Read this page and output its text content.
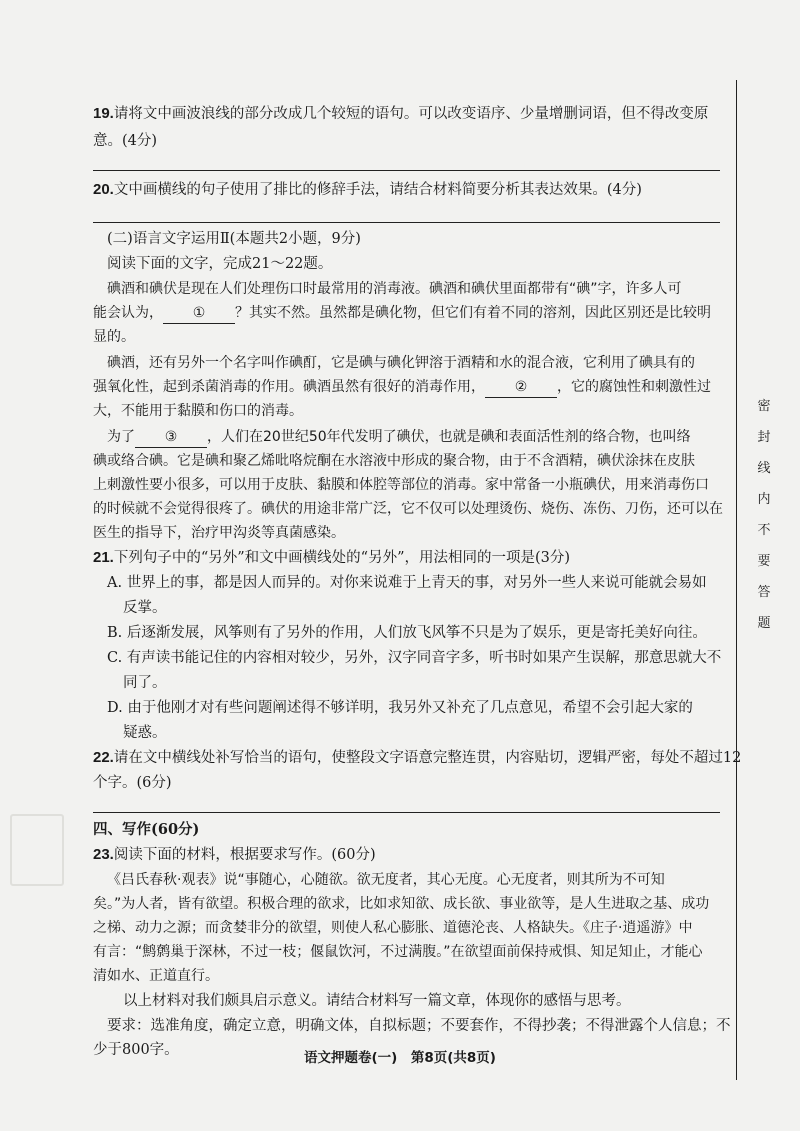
19.请将文中画波浪线的部分改成几个较短的语句。可以改变语序、少量增删词语，但不得改变原
意。(4分)
20.文中画横线的句子使用了排比的修辞手法，请结合材料简要分析其表达效果。(4分)
(二)语言文字运用Ⅱ(本题共2小题，9分)
阅读下面的文字，完成21～22题。
碘酒和碘伏是现在人们处理伤口时最常用的消毒液。碘酒和碘伏里面都带有“碘”字，许多人可
能会认为， ① ？其实不然。虽然都是碘化物，但它们有着不同的溶剂，因此区别还是比较明
显的。
碘酒，还有另外一个名字叫作碘酊，它是碘与碘化钾溶于酒精和水的混合液，它利用了碘具有的
强氧化性，起到杀菌消毒的作用。碘酒虽然有很好的消毒作用， ② ，它的腐蚀性和刺激性过
大，不能用于黏膜和伤口的消毒。
为了 ③ ，人们在20世纪50年代发明了碘伏，也就是碘和表面活性剂的络合物，也叫络
碘或络合碘。它是碘和聚乙烯吡咯烷酮在水溶液中形成的聚合物，由于不含酒精，碘伏涂抹在皮肤
上刺激性要小很多，可以用于皮肤、黏膜和体腔等部位的消毒。家中常备一小瓶碘伏，用来消毒伤口
的时候就不会觉得很疼了。碘伏的用途非常广泛，它不仅可以处理烫伤、烧伤、冻伤、刀伤，还可以在
医生的指导下，治疗甲沟炎等真菌感染。
21.下列句子中的“另外”和文中画横线处的“另外”，用法相同的一项是(3分)
A. 世界上的事，都是因人而异的。对你来说难于上青天的事，对另外一些人来说可能就会易如
反掌。
B. 后逐渐发展，风筝则有了另外的作用，人们放飞风筝不只是为了娱乐，更是寄托美好向往。
C. 有声读书能记住的内容相对较少，另外，汉字同音字多，听书时如果产生误解，那意思就大不
同了。
D. 由于他刚才对有些问题阐述得不够详明，我另外又补充了几点意见，希望不会引起大家的
疑惑。
22.请在文中横线处补写恰当的语句，使整段文字语意完整连贯，内容贴切，逻辑严密，每处不超过12
个字。(6分)
四、写作(60分)
23.阅读下面的材料，根据要求写作。(60分)
《吕氏春秋·观表》说“事随心，心随欲。欲无度者，其心无度。心无度者，则其所为不可知
矣。”为人者，皆有欲望。积极合理的欲求，比如求知欲、成长欲、事业欲等，是人生进取之基、成功
之梯、动力之源；而贪婪非分的欲望，则使人私心膨胀、道德沦丧、人格缺失。《庄子·逍遥游》中
有言：“鹪鹩巢于深林，不过一枝；偃鼠饮河，不过满腹。”在欲望面前保持戒惧、知足知止，才能心
清如水、正道直行。
以上材料对我们颇具启示意义。请结合材料写一篇文章，体现你的感悟与思考。
要求：选准角度，确定立意，明确文体，自拟标题；不要套作，不得抄袭；不得泄露个人信息；不
少于800字。
密
封
线
内
不
要
答
题
语文押题卷(一)　第8页(共8页)
